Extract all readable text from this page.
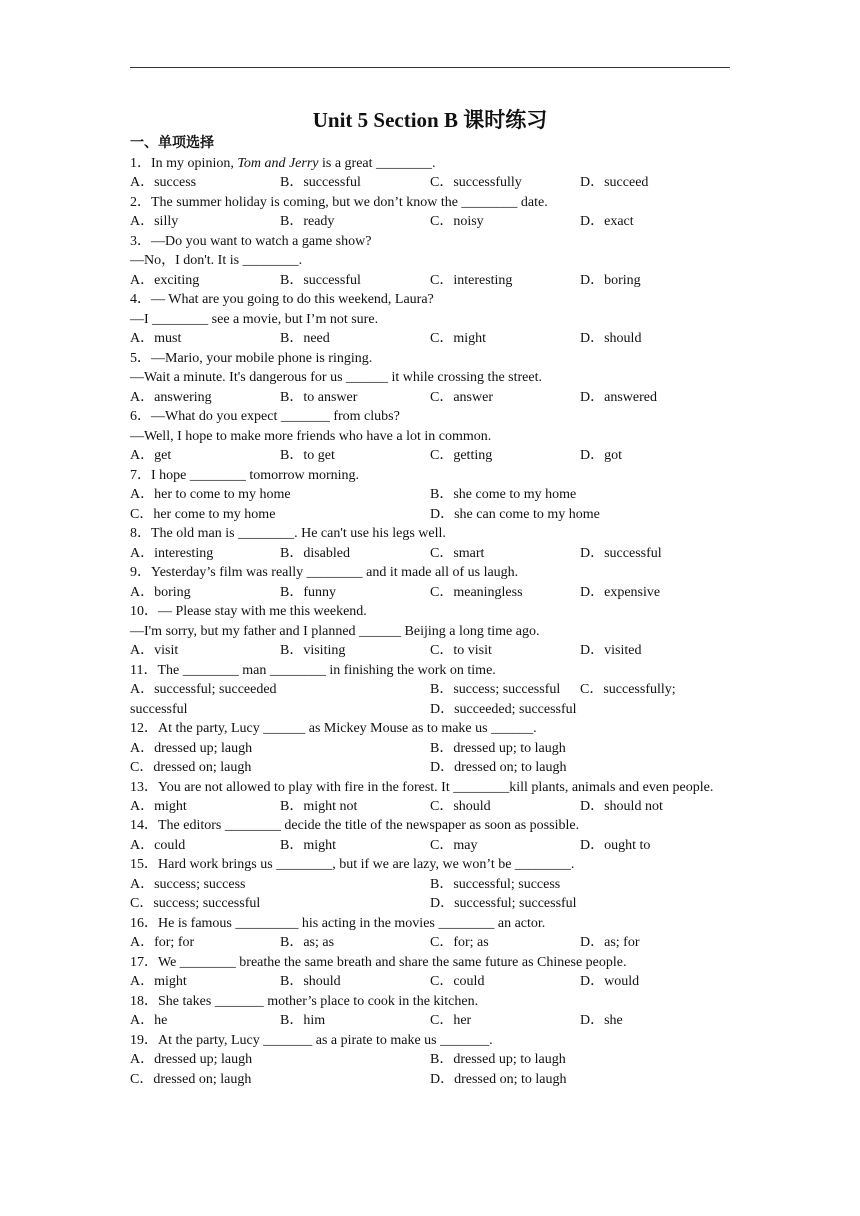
Unit 5 Section B 课时练习
一、单项选择
1．In my opinion, Tom and Jerry is a great ________.
A．success	B．successful	C．successfully	D．succeed
2．The summer holiday is coming, but we don’t know the ________ date.
A．silly	B．ready	C．noisy	D．exact
3．—Do you want to watch a game show?
—No，I don't. It is ________.
A．exciting	B．successful	C．interesting	D．boring
4．— What are you going to do this weekend, Laura?
—I ________ see a movie, but I’m not sure.
A．must	B．need	C．might	D．should
5．—Mario, your mobile phone is ringing.
—Wait a minute. It's dangerous for us ______ it while crossing the street.
A．answering	B．to answer	C．answer	D．answered
6．—What do you expect _______ from clubs?
—Well, I hope to make more friends who have a lot in common.
A．get	B．to get	C．getting	D．got
7．I hope ________ tomorrow morning.
A．her to come to my home	B．she come to my home
C．her come to my home	D．she can come to my home
8．The old man is ________. He can't use his legs well.
A．interesting	B．disabled	C．smart	D．successful
9．Yesterday’s film was really ________ and it made all of us laugh.
A．boring	B．funny	C．meaningless	D．expensive
10．— Please stay with me this weekend.
—I'm sorry, but my father and I planned ______ Beijing a long time ago.
A．visit	B．visiting	C．to visit	D．visited
11．The ________ man ________ in finishing the work on time.
A．successful; succeeded	B．success; successful C．successfully;
successful	D．succeeded; successful
12．At the party, Lucy ______ as Mickey Mouse as to make us ______.
A．dressed up; laugh	B．dressed up; to laugh
C．dressed on; laugh	D．dressed on; to laugh
13．You are not allowed to play with fire in the forest. It ________kill plants, animals and even people.
A．might	B．might not	C．should	D．should not
14．The editors ________ decide the title of the newspaper as soon as possible.
A．could	B．might	C．may	D．ought to
15．Hard work brings us ________, but if we are lazy, we won’t be ________.
A．success; success	B．successful; success
C．success; successful	D．successful; successful
16．He is famous _________ his acting in the movies ________ an actor.
A．for; for	B．as; as	C．for; as	D．as; for
17．We ________ breathe the same breath and share the same future as Chinese people.
A．might	B．should	C．could	D．would
18．She takes _______ mother’s place to cook in the kitchen.
A．he	B．him	C．her	D．she
19．At the party, Lucy _______ as a pirate to make us _______.
A．dressed up; laugh	B．dressed up; to laugh
C．dressed on; laugh	D．dressed on; to laugh
